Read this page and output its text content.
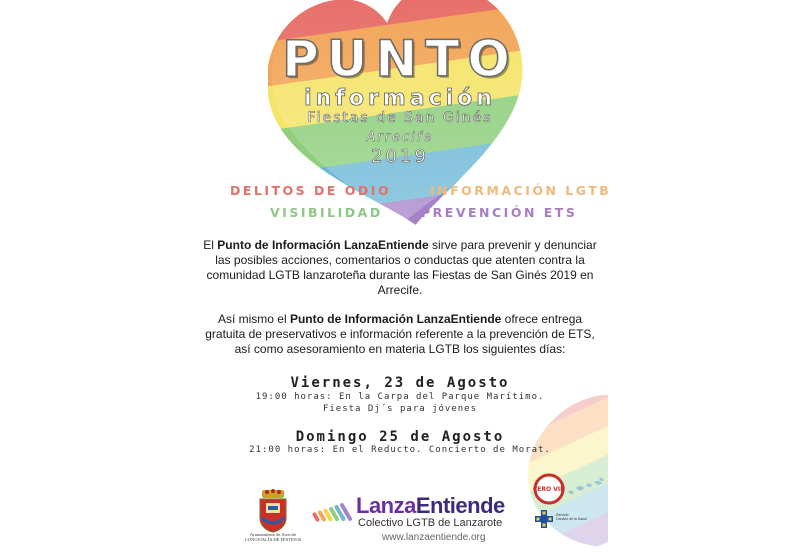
PUNTO
información
Fiestas de San Ginés
Arrecife
2019
DELITOS DE ODIO	INFORMACIÓN LGTB
VISIBILIDAD	PREVENCIÓN ETS
El Punto de Información LanzaEntiende sirve para prevenir y denunciar las posibles acciones, comentarios o conductas que atenten contra la comunidad LGTB lanzaroteña durante las Fiestas de San Ginés 2019 en Arrecife.
Así mismo el Punto de Información LanzaEntiende ofrece entrega gratuita de preservativos e información referente a la prevención de ETS, así como asesoramiento en materia LGTB los siguientes días:
Viernes, 23 de Agosto
19:00 horas: En la Carpa del Parque Marítimo.
Fiesta Dj´s para jóvenes
Domingo 25 de Agosto
21:00 horas: En el Reducto. Concierto de Morat.
Ayuntamiento de Arrecife
CONCEJALÍA DE FESTEJOS
LanzaEntiende
Colectivo LGTB de Lanzarote
www.lanzaentiende.org
CERO VIH
Servicio
Canario de la Salud
